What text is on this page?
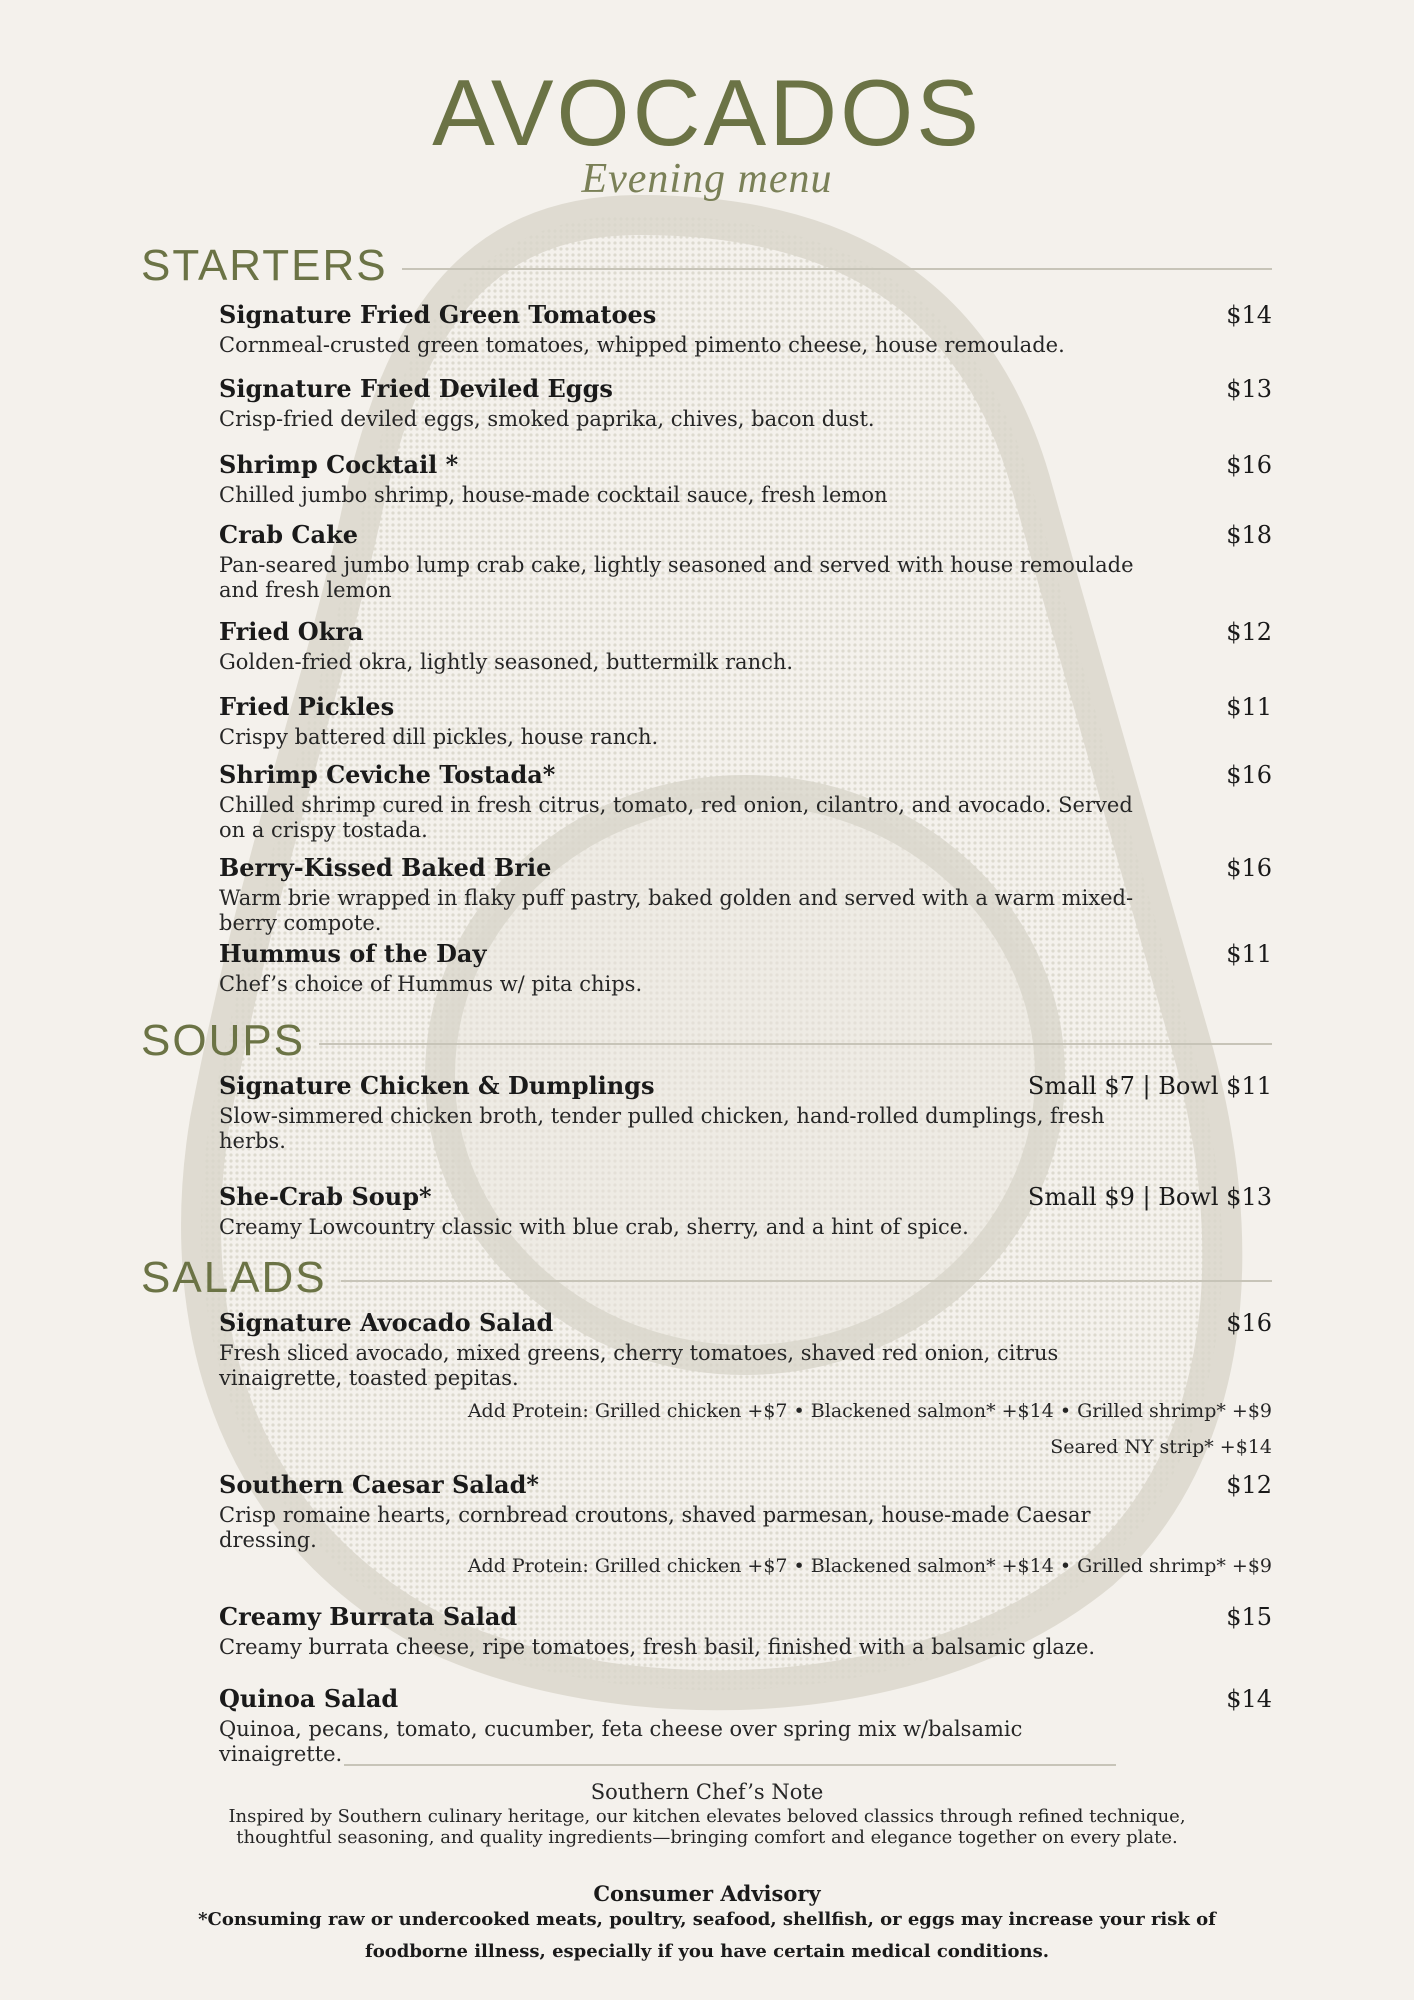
AVOCADOS
Evening menu
STARTERS
Signature Fried Green Tomatoes	$14
Cornmeal-crusted green tomatoes, whipped pimento cheese, house remoulade.
Signature Fried Deviled Eggs	$13
Crisp-fried deviled eggs, smoked paprika, chives, bacon dust.
Shrimp Cocktail *	$16
Chilled jumbo shrimp, house-made cocktail sauce, fresh lemon
Crab Cake	$18
Pan-seared jumbo lump crab cake, lightly seasoned and served with house remoulade and fresh lemon
Fried Okra	$12
Golden-fried okra, lightly seasoned, buttermilk ranch.
Fried Pickles	$11
Crispy battered dill pickles, house ranch.
Shrimp Ceviche Tostada*	$16
Chilled shrimp cured in fresh citrus, tomato, red onion, cilantro, and avocado. Served on a crispy tostada.
Berry-Kissed Baked Brie	$16
Warm brie wrapped in flaky puff pastry, baked golden and served with a warm mixed-berry compote.
Hummus of the Day	$11
Chef’s choice of Hummus w/ pita chips.
SOUPS
Signature Chicken & Dumplings	Small $7 | Bowl $11
Slow-simmered chicken broth, tender pulled chicken, hand-rolled dumplings, fresh herbs.
She-Crab Soup*	Small $9 | Bowl $13
Creamy Lowcountry classic with blue crab, sherry, and a hint of spice.
SALADS
Signature Avocado Salad	$16
Fresh sliced avocado, mixed greens, cherry tomatoes, shaved red onion, citrus vinaigrette, toasted pepitas.
Add Protein: Grilled chicken +$7 • Blackened salmon* +$14 • Grilled shrimp* +$9
Seared NY strip* +$14
Southern Caesar Salad*	$12
Crisp romaine hearts, cornbread croutons, shaved parmesan, house-made Caesar dressing.
Add Protein: Grilled chicken +$7 • Blackened salmon* +$14 • Grilled shrimp* +$9
Creamy Burrata Salad	$15
Creamy burrata cheese, ripe tomatoes, fresh basil, finished with a balsamic glaze.
Quinoa Salad	$14
Quinoa, pecans, tomato, cucumber, feta cheese over spring mix w/balsamic vinaigrette.
Southern Chef’s Note
Inspired by Southern culinary heritage, our kitchen elevates beloved classics through refined technique, thoughtful seasoning, and quality ingredients—bringing comfort and elegance together on every plate.
Consumer Advisory
*Consuming raw or undercooked meats, poultry, seafood, shellfish, or eggs may increase your risk of foodborne illness, especially if you have certain medical conditions.
